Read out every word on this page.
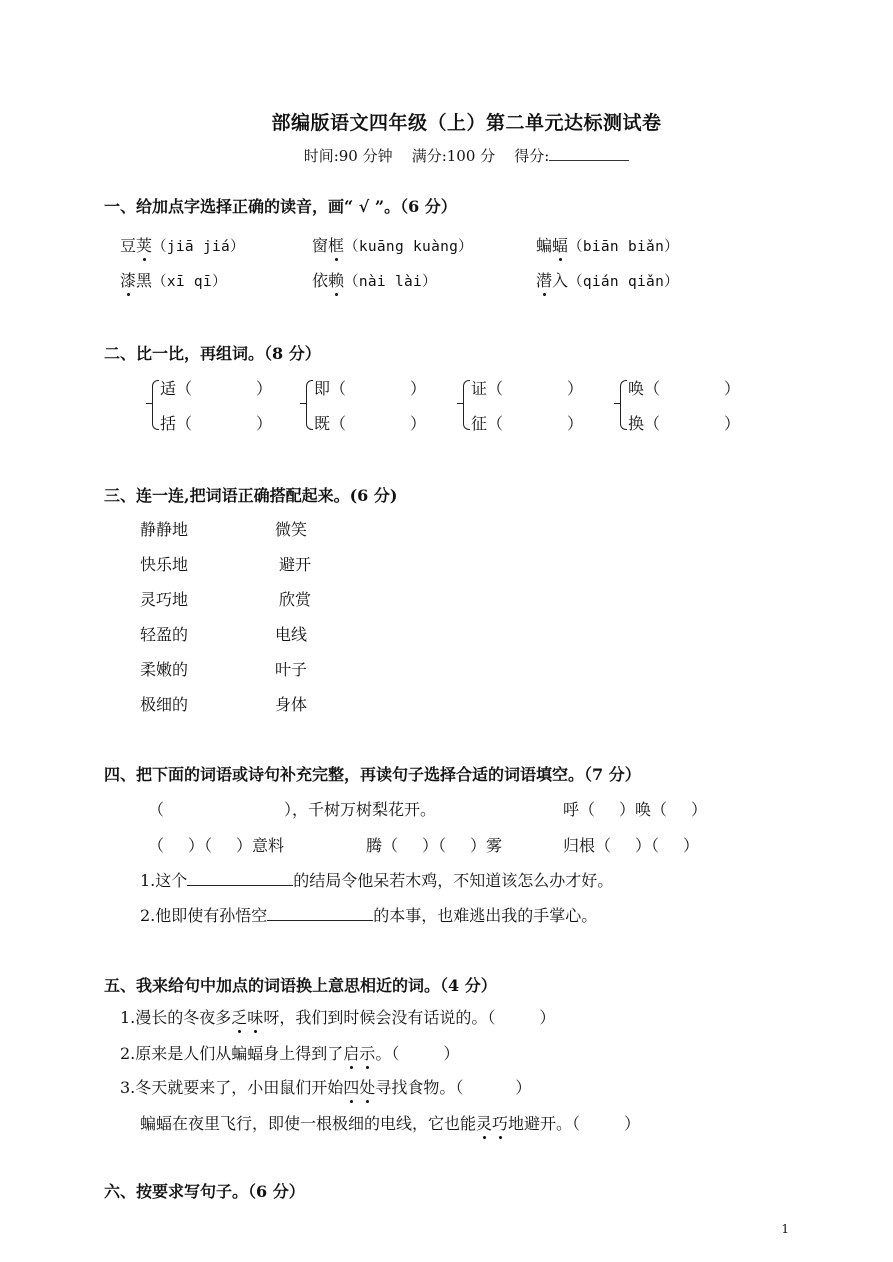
部编版语文四年级（上）第二单元达标测试卷
时间:90 分钟 满分:100 分 得分:
一、给加点字选择正确的读音，画“ √ ”。（6 分）
豆荚（jiā jiá）	窗框（kuāng kuàng）	蝙蝠（biān biǎn）
漆黑（xī qī）	依赖（nài lài）	潜入（qián qiǎn）
二、比一比，再组词。（8 分）
适（	）
括（	）
即（	）
既（	）
证（	）
征（	）
唤（	）
换（	）
三、连一连,把词语正确搭配起来。(6 分)
静静地
快乐地
灵巧地
轻盈的
柔嫩的
极细的
微笑
避开
欣赏
电线
叶子
身体
四、把下面的词语或诗句补充完整，再读句子选择合适的词语填空。（7 分）
（	），千树万树梨花开。	呼（ ）唤（ ）
（ ）（ ）意料	腾（ ）（ ）雾	归根（ ）（ ）
1.这个	的结局令他呆若木鸡，不知道该怎么办才好。
2.他即使有孙悟空	的本事，也难逃出我的手掌心。
五、我来给句中加点的词语换上意思相近的词。（4 分）
1.漫长的冬夜多乏味呀，我们到时候会没有话说的。（	）
2.原来是人们从蝙蝠身上得到了启示。（	）
3.冬天就要来了，小田鼠们开始四处寻找食物。（	）
蝙蝠在夜里飞行，即使一根极细的电线，它也能灵巧地避开。（	）
六、按要求写句子。（6 分）
1
